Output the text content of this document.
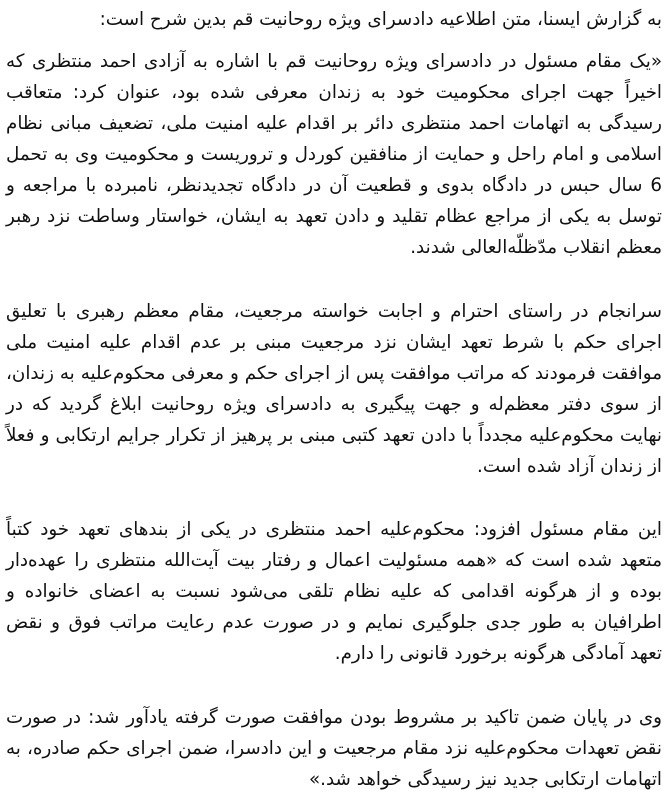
به گزارش ایسنا، متن اطلاعیه دادسرای ویژه روحانیت قم بدین شرح است:

«یک مقام مسئول در دادسرای ویژه روحانیت قم با اشاره به آزادی احمد منتظری که اخیراً جهت اجرای محکومیت خود به زندان معرفی شده بود، عنوان کرد: متعاقب رسیدگی به اتهامات احمد منتظری دائر بر اقدام علیه امنیت ملی، تضعیف مبانی نظام اسلامی و امام راحل و حمایت از منافقین کوردل و تروریست و محکومیت وی به تحمل 6 سال حبس در دادگاه بدوی و قطعیت آن در دادگاه تجدیدنظر، نامبرده با مراجعه و توسل به یکی از مراجع عظام تقلید و دادن تعهد به ایشان، خواستار وساطت نزد رهبر معظم انقلاب مدّظلّه‌العالی شدند.

سرانجام در راستای احترام و اجابت خواسته مرجعیت، مقام معظم رهبری با تعلیق اجرای حکم با شرط تعهد ایشان نزد مرجعیت مبنی بر عدم اقدام علیه امنیت ملی موافقت فرمودند که مراتب موافقت پس از اجرای حکم و معرفی محکوم‌علیه به زندان، از سوی دفتر معظم‌له و جهت پیگیری به دادسرای ویژه روحانیت ابلاغ گردید که در نهایت محکوم‌علیه مجدداً با دادن تعهد کتبی مبنی بر پرهیز از تکرار جرایم ارتکابی و فعلاً از زندان آزاد شده است.

این مقام مسئول افزود: محکوم‌علیه احمد منتظری در یکی از بندهای تعهد خود کتباً متعهد شده است که «همه مسئولیت اعمال و رفتار بیت آیت‌الله منتظری را عهده‌دار بوده و از هرگونه اقدامی که علیه نظام تلقی می‌شود نسبت به اعضای خانواده و اطرافیان به طور جدی جلوگیری نمایم و در صورت عدم رعایت مراتب فوق و نقض تعهد آمادگی هرگونه برخورد قانونی را دارم.

وی در پایان ضمن تاکید بر مشروط بودن موافقت صورت گرفته یادآور شد: در صورت نقض تعهدات محکوم‌علیه نزد مقام مرجعیت و این دادسرا، ضمن اجرای حکم صادره، به اتهامات ارتکابی جدید نیز رسیدگی خواهد شد.»
